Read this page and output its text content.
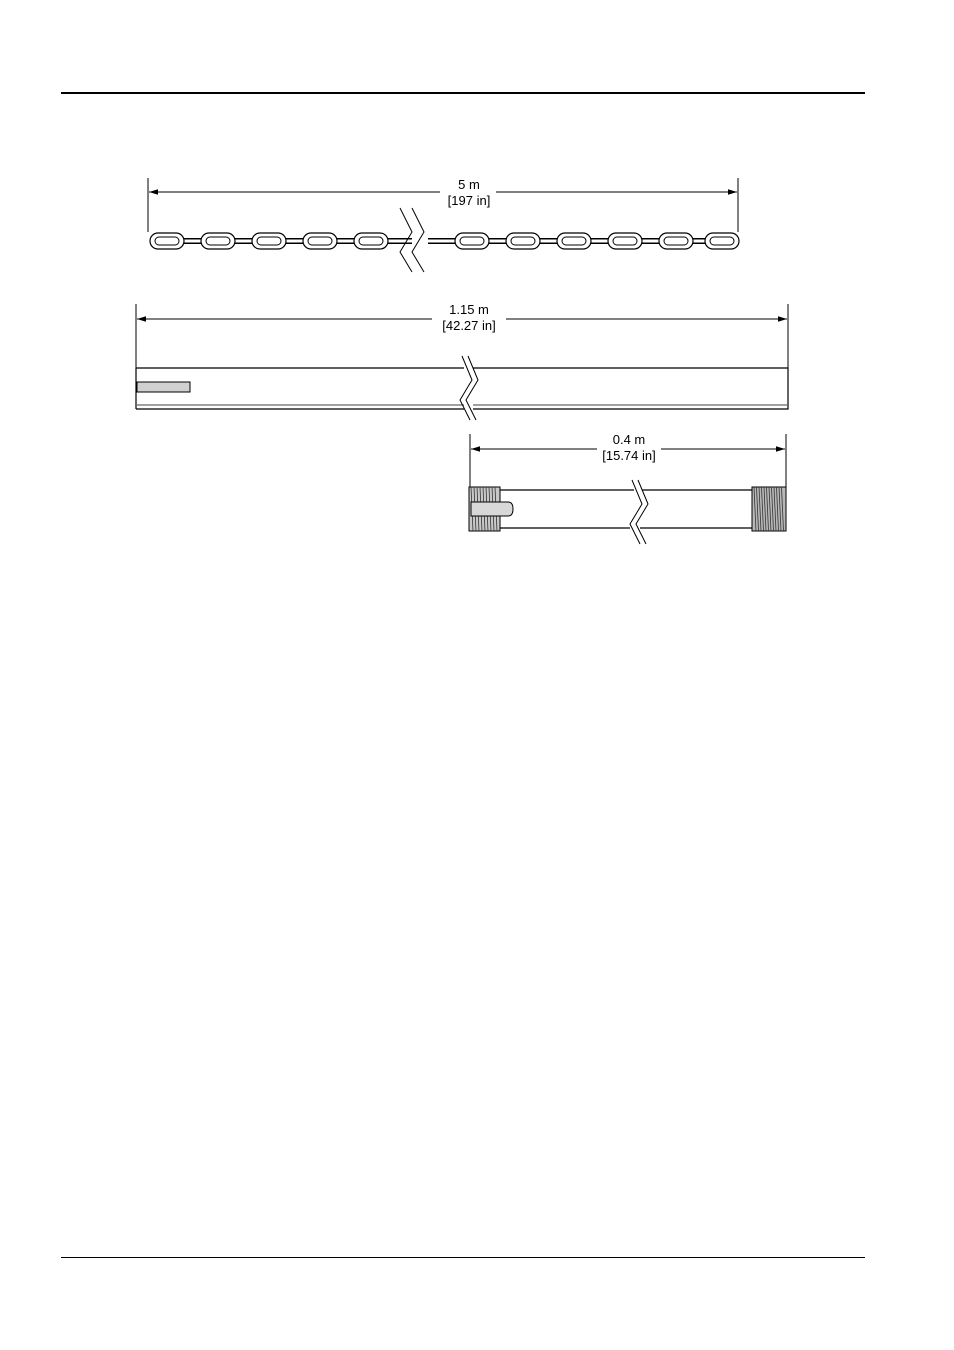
5 m
[197 in]
1.15 m
[42.27 in]
0.4 m
[15.74 in]
